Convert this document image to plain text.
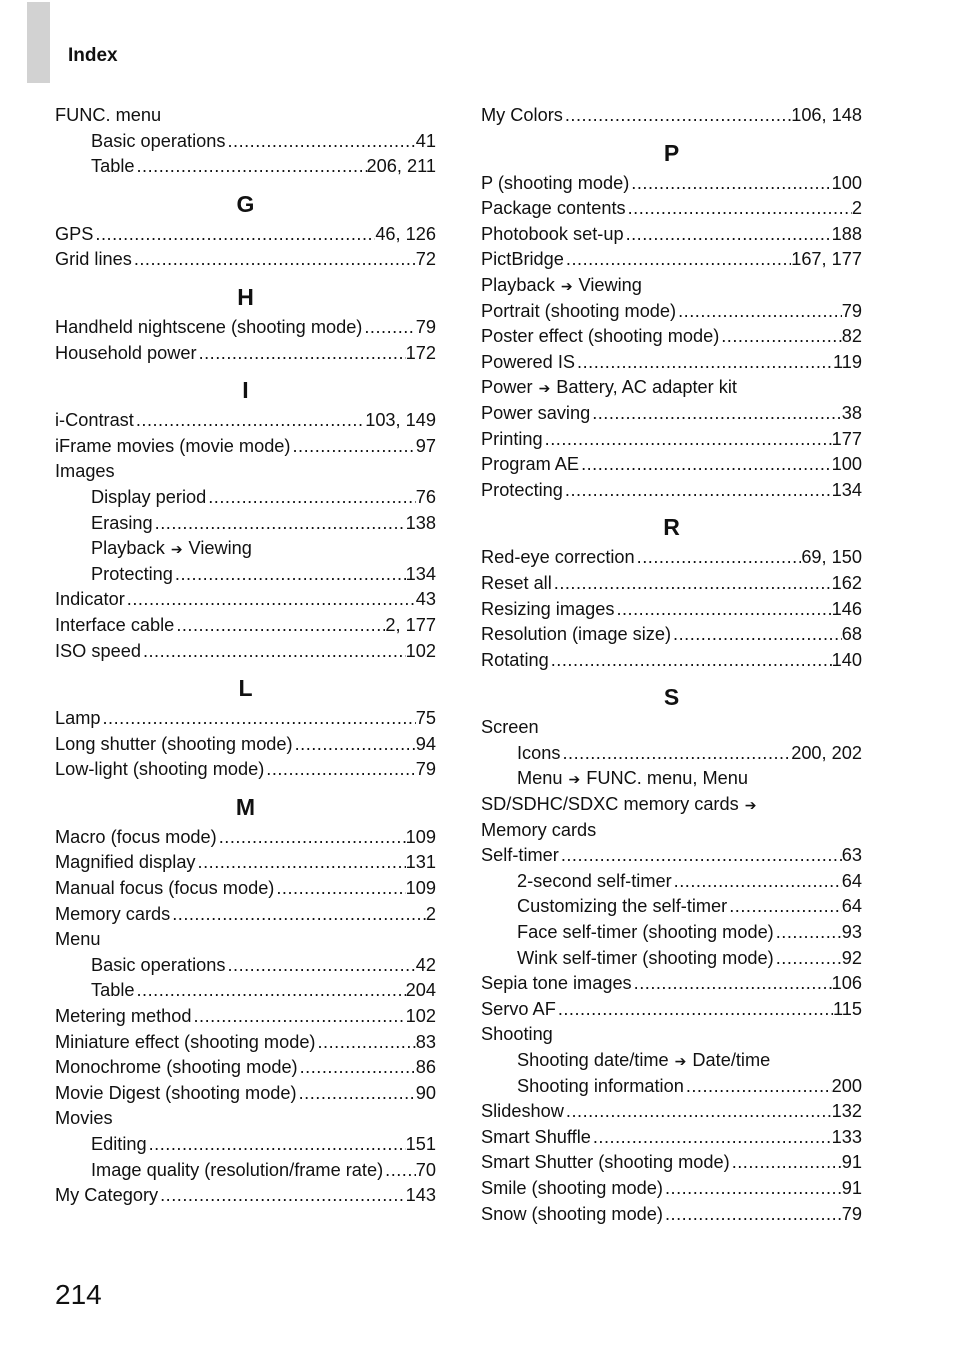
Index
FUNC. menu
Basic operations .....	41
Table .....	206, 211
G
GPS .....	46, 126
Grid lines .....	72
H
Handheld nightscene (shooting mode) .....	79
Household power .....	172
I
i-Contrast .....	103, 149
iFrame movies (movie mode) .....	97
Images
Display period .....	76
Erasing .....	138
Playback ➔ Viewing
Protecting .....	134
Indicator .....	43
Interface cable .....	2, 177
ISO speed .....	102
L
Lamp .....	75
Long shutter (shooting mode) .....	94
Low-light (shooting mode) .....	79
M
Macro (focus mode) .....	109
Magnified display .....	131
Manual focus (focus mode) .....	109
Memory cards .....	2
Menu
Basic operations .....	42
Table .....	204
Metering method .....	102
Miniature effect (shooting mode) .....	83
Monochrome (shooting mode) .....	86
Movie Digest (shooting mode) .....	90
Movies
Editing .....	151
Image quality (resolution/frame rate) ..... 70
My Category .....	143
My Colors .....	106, 148
P
P (shooting mode) .....	100
Package contents .....	2
Photobook set-up .....	188
PictBridge .....	167, 177
Playback ➔ Viewing
Portrait (shooting mode) .....	79
Poster effect (shooting mode) .....	82
Powered IS .....	119
Power ➔ Battery, AC adapter kit
Power saving .....	38
Printing .....	177
Program AE .....	100
Protecting .....	134
R
Red-eye correction .....	69, 150
Reset all .....	162
Resizing images .....	146
Resolution (image size) .....	68
Rotating .....	140
S
Screen
Icons .....	200, 202
Menu ➔ FUNC. menu, Menu
SD/SDHC/SDXC memory cards ➔
Memory cards
Self-timer .....	63
2-second self-timer .....	64
Customizing the self-timer .....	64
Face self-timer (shooting mode) .....	93
Wink self-timer (shooting mode) .....	92
Sepia tone images .....	106
Servo AF .....	115
Shooting
Shooting date/time ➔ Date/time
Shooting information .....	200
Slideshow .....	132
Smart Shuffle .....	133
Smart Shutter (shooting mode) .....	91
Smile (shooting mode) .....	91
Snow (shooting mode) .....	79
214
